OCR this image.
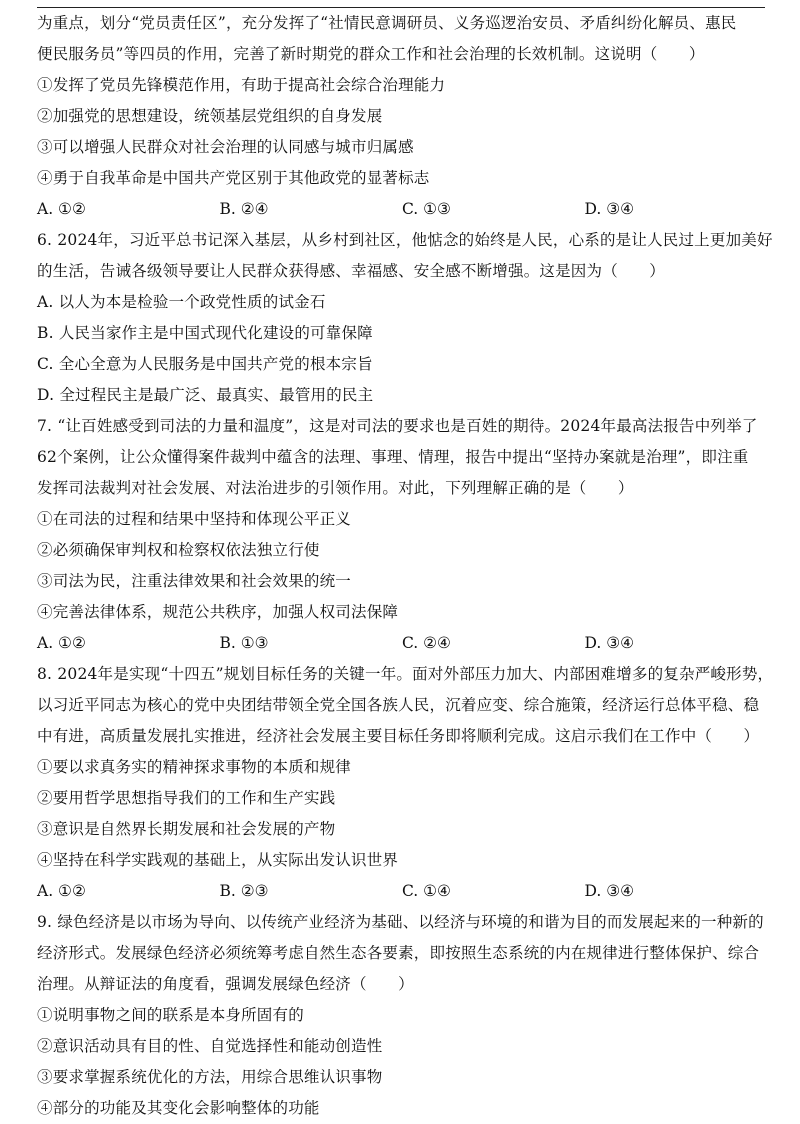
为重点，划分“党员责任区”，充分发挥了“社情民意调研员、义务巡逻治安员、矛盾纠纷化解员、惠民
便民服务员”等四员的作用，完善了新时期党的群众工作和社会治理的长效机制。这说明（　　）
①发挥了党员先锋模范作用，有助于提高社会综合治理能力
②加强党的思想建设，统领基层党组织的自身发展
③可以增强人民群众对社会治理的认同感与城市归属感
④勇于自我革命是中国共产党区别于其他政党的显著标志
A. ①②	B. ②④	C. ①③	D. ③④
6. 2024年，习近平总书记深入基层，从乡村到社区，他惦念的始终是人民，心系的是让人民过上更加美好
的生活，告诫各级领导要让人民群众获得感、幸福感、安全感不断增强。这是因为（　　）
A. 以人为本是检验一个政党性质的试金石
B. 人民当家作主是中国式现代化建设的可靠保障
C. 全心全意为人民服务是中国共产党的根本宗旨
D. 全过程民主是最广泛、最真实、最管用的民主
7. “让百姓感受到司法的力量和温度”，这是对司法的要求也是百姓的期待。2024年最高法报告中列举了
62个案例，让公众懂得案件裁判中蕴含的法理、事理、情理，报告中提出“坚持办案就是治理”，即注重
发挥司法裁判对社会发展、对法治进步的引领作用。对此，下列理解正确的是（　　）
①在司法的过程和结果中坚持和体现公平正义
②必须确保审判权和检察权依法独立行使
③司法为民，注重法律效果和社会效果的统一
④完善法律体系，规范公共秩序，加强人权司法保障
A. ①②	B. ①③	C. ②④	D. ③④
8. 2024年是实现“十四五”规划目标任务的关键一年。面对外部压力加大、内部困难增多的复杂严峻形势，
以习近平同志为核心的党中央团结带领全党全国各族人民，沉着应变、综合施策，经济运行总体平稳、稳
中有进，高质量发展扎实推进，经济社会发展主要目标任务即将顺利完成。这启示我们在工作中（　　）
①要以求真务实的精神探求事物的本质和规律
②要用哲学思想指导我们的工作和生产实践
③意识是自然界长期发展和社会发展的产物
④坚持在科学实践观的基础上，从实际出发认识世界
A. ①②	B. ②③	C. ①④	D. ③④
9. 绿色经济是以市场为导向、以传统产业经济为基础、以经济与环境的和谐为目的而发展起来的一种新的
经济形式。发展绿色经济必须统筹考虑自然生态各要素，即按照生态系统的内在规律进行整体保护、综合
治理。从辩证法的角度看，强调发展绿色经济（　　）
①说明事物之间的联系是本身所固有的
②意识活动具有目的性、自觉选择性和能动创造性
③要求掌握系统优化的方法，用综合思维认识事物
④部分的功能及其变化会影响整体的功能
